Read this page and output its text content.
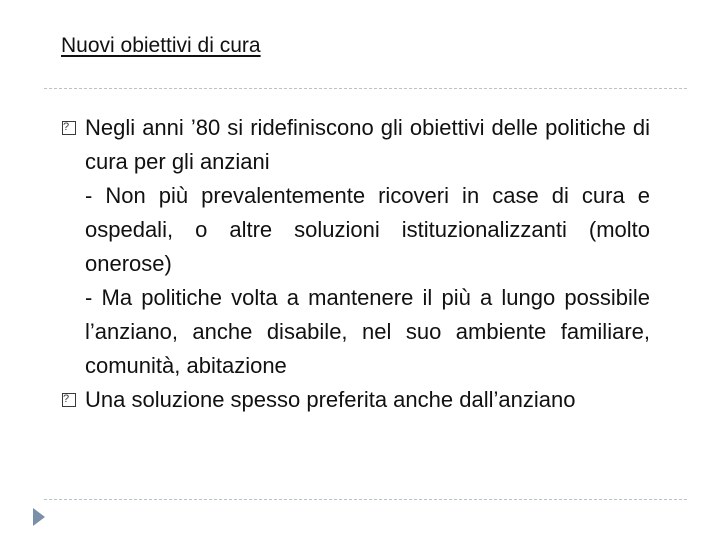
Nuovi obiettivi di cura
?
Negli anni ’80 si ridefiniscono gli obiettivi delle politiche di cura per gli anziani
- Non più prevalentemente ricoveri in case di cura e ospedali, o altre soluzioni istituzionalizzanti (molto onerose)
- Ma politiche volta a mantenere il più a lungo possibile l’anziano, anche disabile, nel suo ambiente familiare, comunità, abitazione
?
Una soluzione spesso preferita anche dall’anziano
